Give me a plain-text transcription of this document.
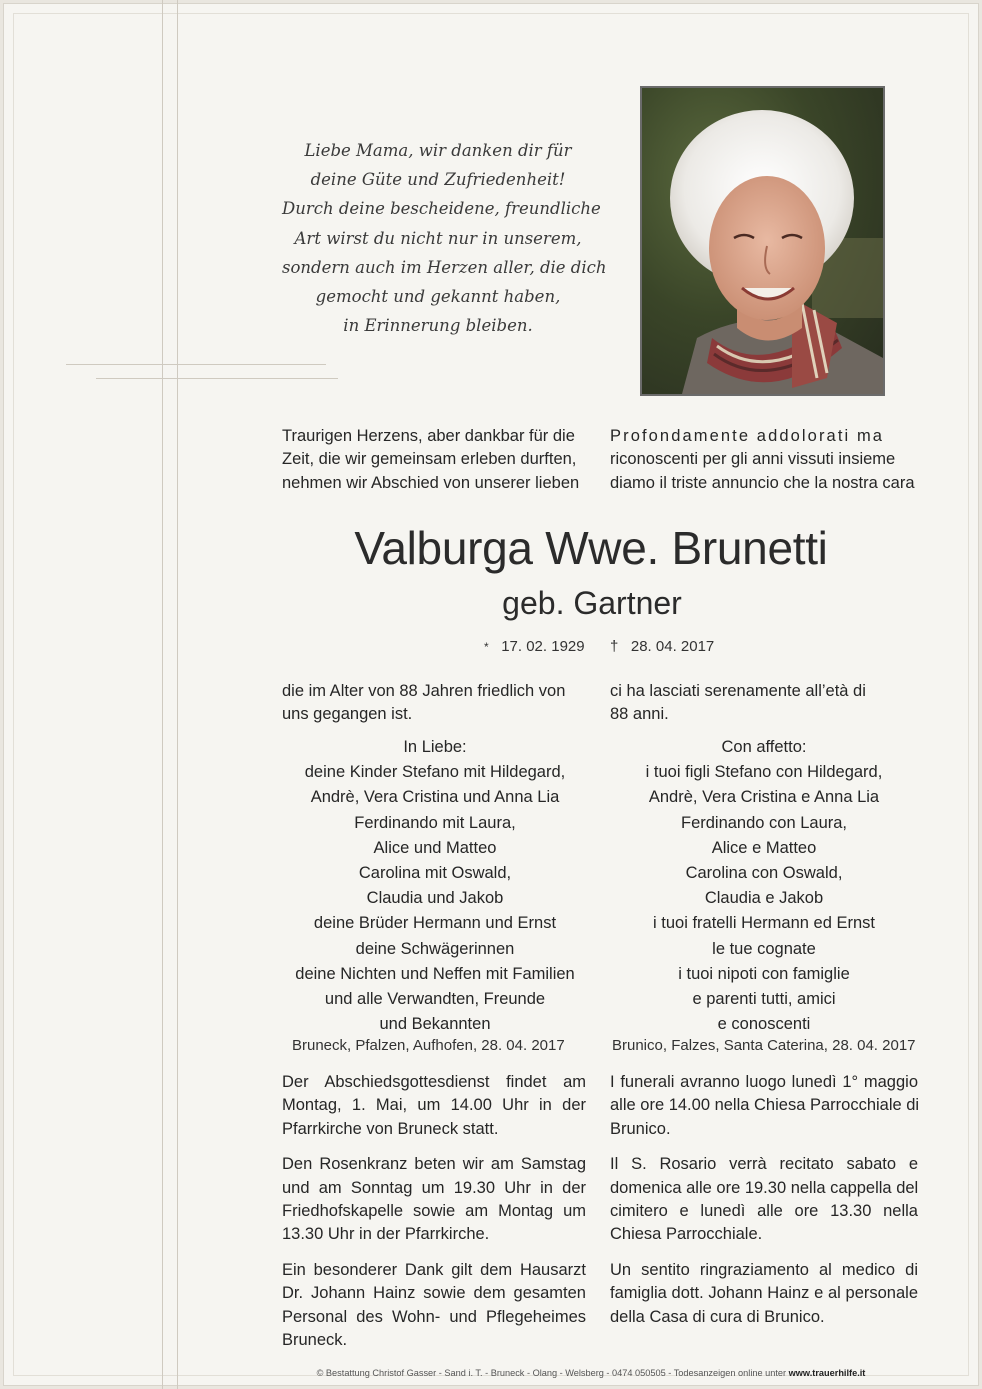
Liebe Mama, wir danken dir für
deine Güte und Zufriedenheit!
Durch deine bescheidene, freundliche
Art wirst du nicht nur in unserem,
sondern auch im Herzen aller, die dich
gemocht und gekannt haben,
in Erinnerung bleiben.
Traurigen Herzens, aber dankbar für die
Zeit, die wir gemeinsam erleben durften,
nehmen wir Abschied von unserer lieben
Profondamente addolorati ma
riconoscenti per gli anni vissuti insieme
diamo il triste annuncio che la nostra cara
Valburga Wwe. Brunetti
geb. Gartner
* 17. 02. 1929 † 28. 04. 2017
die im Alter von 88 Jahren friedlich von
uns gegangen ist.
ci ha lasciati serenamente all’età di
88 anni.
In Liebe:
deine Kinder Stefano mit Hildegard,
Andrè, Vera Cristina und Anna Lia
Ferdinando mit Laura,
Alice und Matteo
Carolina mit Oswald,
Claudia und Jakob
deine Brüder Hermann und Ernst
deine Schwägerinnen
deine Nichten und Neffen mit Familien
und alle Verwandten, Freunde
und Bekannten
Con affetto:
i tuoi figli Stefano con Hildegard,
Andrè, Vera Cristina e Anna Lia
Ferdinando con Laura,
Alice e Matteo
Carolina con Oswald,
Claudia e Jakob
i tuoi fratelli Hermann ed Ernst
le tue cognate
i tuoi nipoti con famiglie
e parenti tutti, amici
e conoscenti
Bruneck, Pfalzen, Aufhofen, 28. 04. 2017	Brunico, Falzes, Santa Caterina, 28. 04. 2017

Der Abschiedsgottesdienst findet am
Montag, 1. Mai, um 14.00 Uhr in der
Pfarrkirche von Bruneck statt.

Den Rosenkranz beten wir am Samstag
und am Sonntag um 19.30 Uhr in der
Friedhofskapelle sowie am Montag um
13.30 Uhr in der Pfarrkirche.

Ein besonderer Dank gilt dem Hausarzt
Dr. Johann Hainz sowie dem gesamten
Personal des Wohn- und Pflegeheimes
Bruneck.

I funerali avranno luogo lunedì 1° maggio
alle ore 14.00 nella Chiesa Parrocchiale di
Brunico.

Il S. Rosario verrà recitato sabato e
domenica alle ore 19.30 nella cappella del
cimitero e lunedì alle ore 13.30 nella
Chiesa Parrocchiale.

Un sentito ringraziamento al medico di
famiglia dott. Johann Hainz e al personale
della Casa di cura di Brunico.

© Bestattung Christof Gasser - Sand i. T. - Bruneck - Olang - Welsberg - 0474 050505 - Todesanzeigen online unter www.trauerhilfe.it
